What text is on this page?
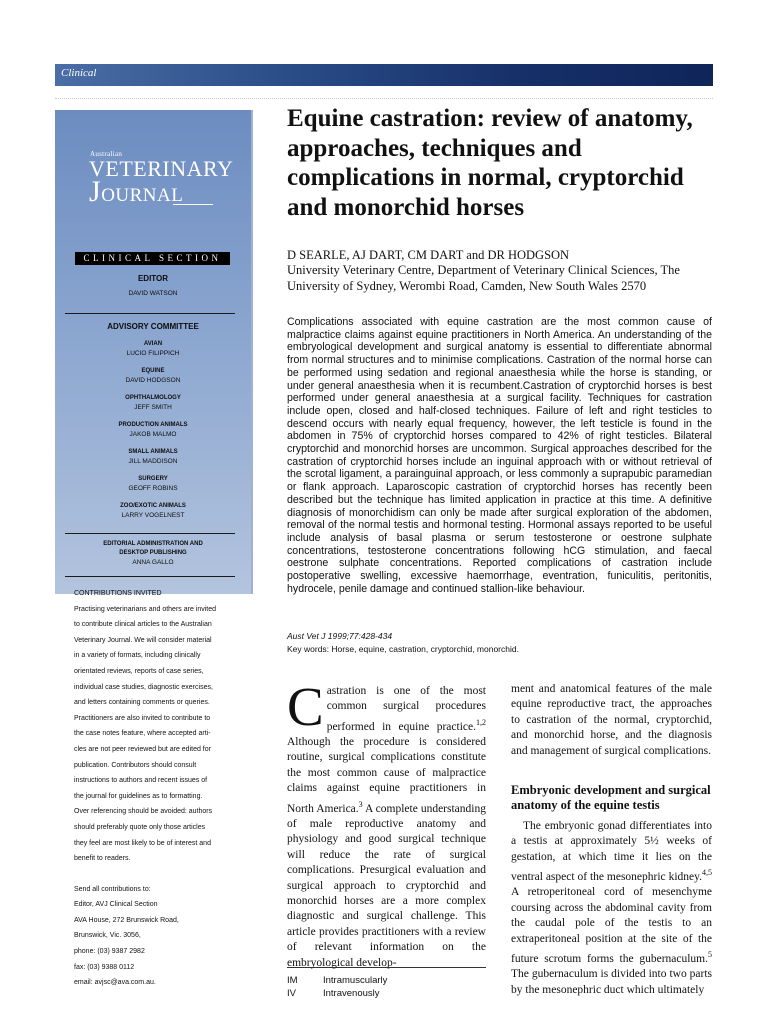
Clinical
Australian
VETERINARY
JOURNAL
CLINICAL SECTION
EDITOR
DAVID WATSON
ADVISORY COMMITTEE
AVIAN
LUCIO FILIPPICH
EQUINE
DAVID HODGSON
OPHTHALMOLOGY
JEFF SMITH
PRODUCTION ANIMALS
JAKOB MALMO
SMALL ANIMALS
JILL MADDISON
SURGERY
GEOFF ROBINS
ZOO/EXOTIC ANIMALS
LARRY VOGELNEST
EDITORIAL ADMINISTRATION AND
DESKTOP PUBLISHING
ANNA GALLO

CONTRIBUTIONS INVITED

Practising veterinarians and others are invited

to contribute clinical articles to the Australian

Veterinary Journal. We will consider material

in a variety of formats, including clinically

orientated reviews, reports of case series,

individual case studies, diagnostic exercises,

and letters containing comments or queries.

Practitioners are also invited to contribute to

the case notes feature, where accepted arti-

cles are not peer reviewed but are edited for

publication. Contributors should consult

instructions to authors and recent issues of

the journal for guidelines as to formatting.

Over referencing should be avoided: authors

should preferably quote only those articles

they feel are most likely to be of interest and

benefit to readers.

Send all contributions to:

Editor, AVJ Clinical Section

AVA House, 272 Brunswick Road,

Brunswick, Vic. 3056,

phone: (03) 9387 2982

fax: (03) 9388 0112

email: avjsc@ava.com.au.

Equine castration: review of anatomy, approaches, techniques and complications in normal, cryptorchid and monorchid horses
D SEARLE, AJ DART, CM DART and DR HODGSON
University Veterinary Centre, Department of Veterinary Clinical Sciences, The University of Sydney, Werombi Road, Camden, New South Wales 2570
Complications associated with equine castration are the most common cause of malpractice claims against equine practitioners in North America. An understanding of the embryological development and surgical anatomy is essential to differentiate abnormal from normal structures and to minimise complications. Castration of the normal horse can be performed using sedation and regional anaesthesia while the horse is standing, or under general anaesthesia when it is recumbent.Castration of cryptorchid horses is best performed under general anaesthesia at a surgical facility. Techniques for castration include open, closed and half-closed techniques. Failure of left and right testicles to descend occurs with nearly equal frequency, however, the left testicle is found in the abdomen in 75% of cryptorchid horses compared to 42% of right testicles. Bilateral cryptorchid and monorchid horses are uncommon. Surgical approaches described for the castration of cryptorchid horses include an inguinal approach with or without retrieval of the scrotal ligament, a parainguinal approach, or less commonly a suprapubic paramedian or flank approach. Laparoscopic castration of cryptorchid horses has recently been described but the technique has limited application in practice at this time. A definitive diagnosis of monorchidism can only be made after surgical exploration of the abdomen, removal of the normal testis and hormonal testing. Hormonal assays reported to be useful include analysis of basal plasma or serum testosterone or oestrone sulphate concentrations, testosterone concentrations following hCG stimulation, and faecal oestrone sulphate concentrations. Reported complications of castration include postoperative swelling, excessive haemorrhage, eventration, funiculitis, peritonitis, hydrocele, penile damage and continued stallion-like behaviour.
Aust Vet J 1999;77:428-434
Key words: Horse, equine, castration, cryptorchid, monorchid.
C astration is one of the most common surgical procedures performed in equine practice.$^{1,2}$ Although the procedure is considered routine, surgical complications constitute the most common cause of malpractice claims against equine practitioners in North America.$^3$ A complete understanding of male reproductive anatomy and physiology and good surgical technique will reduce the rate of surgical complications. Presurgical evaluation and surgical approach to cryptorchid and monorchid horses are a more complex diagnostic and surgical challenge. This article provides practitioners with a review of relevant information on the embryological develop-
IM	Intramuscularly
IV	Intravenously

ment and anatomical features of the male equine reproductive tract, the approaches to castration of the normal, cryptorchid, and monorchid horse, and the diagnosis and management of surgical complications.

Embryonic development and surgical anatomy of the equine testis

The embryonic gonad differentiates into a testis at approximately 5½ weeks of gestation, at which time it lies on the ventral aspect of the mesonephric kidney.$^{4,5}$ A retroperitoneal cord of mesenchyme coursing across the abdominal cavity from the caudal pole of the testis to an extraperitoneal position at the site of the future scrotum forms the gubernaculum.$^5$ The gubernaculum is divided into two parts by the mesonephric duct which ultimately
